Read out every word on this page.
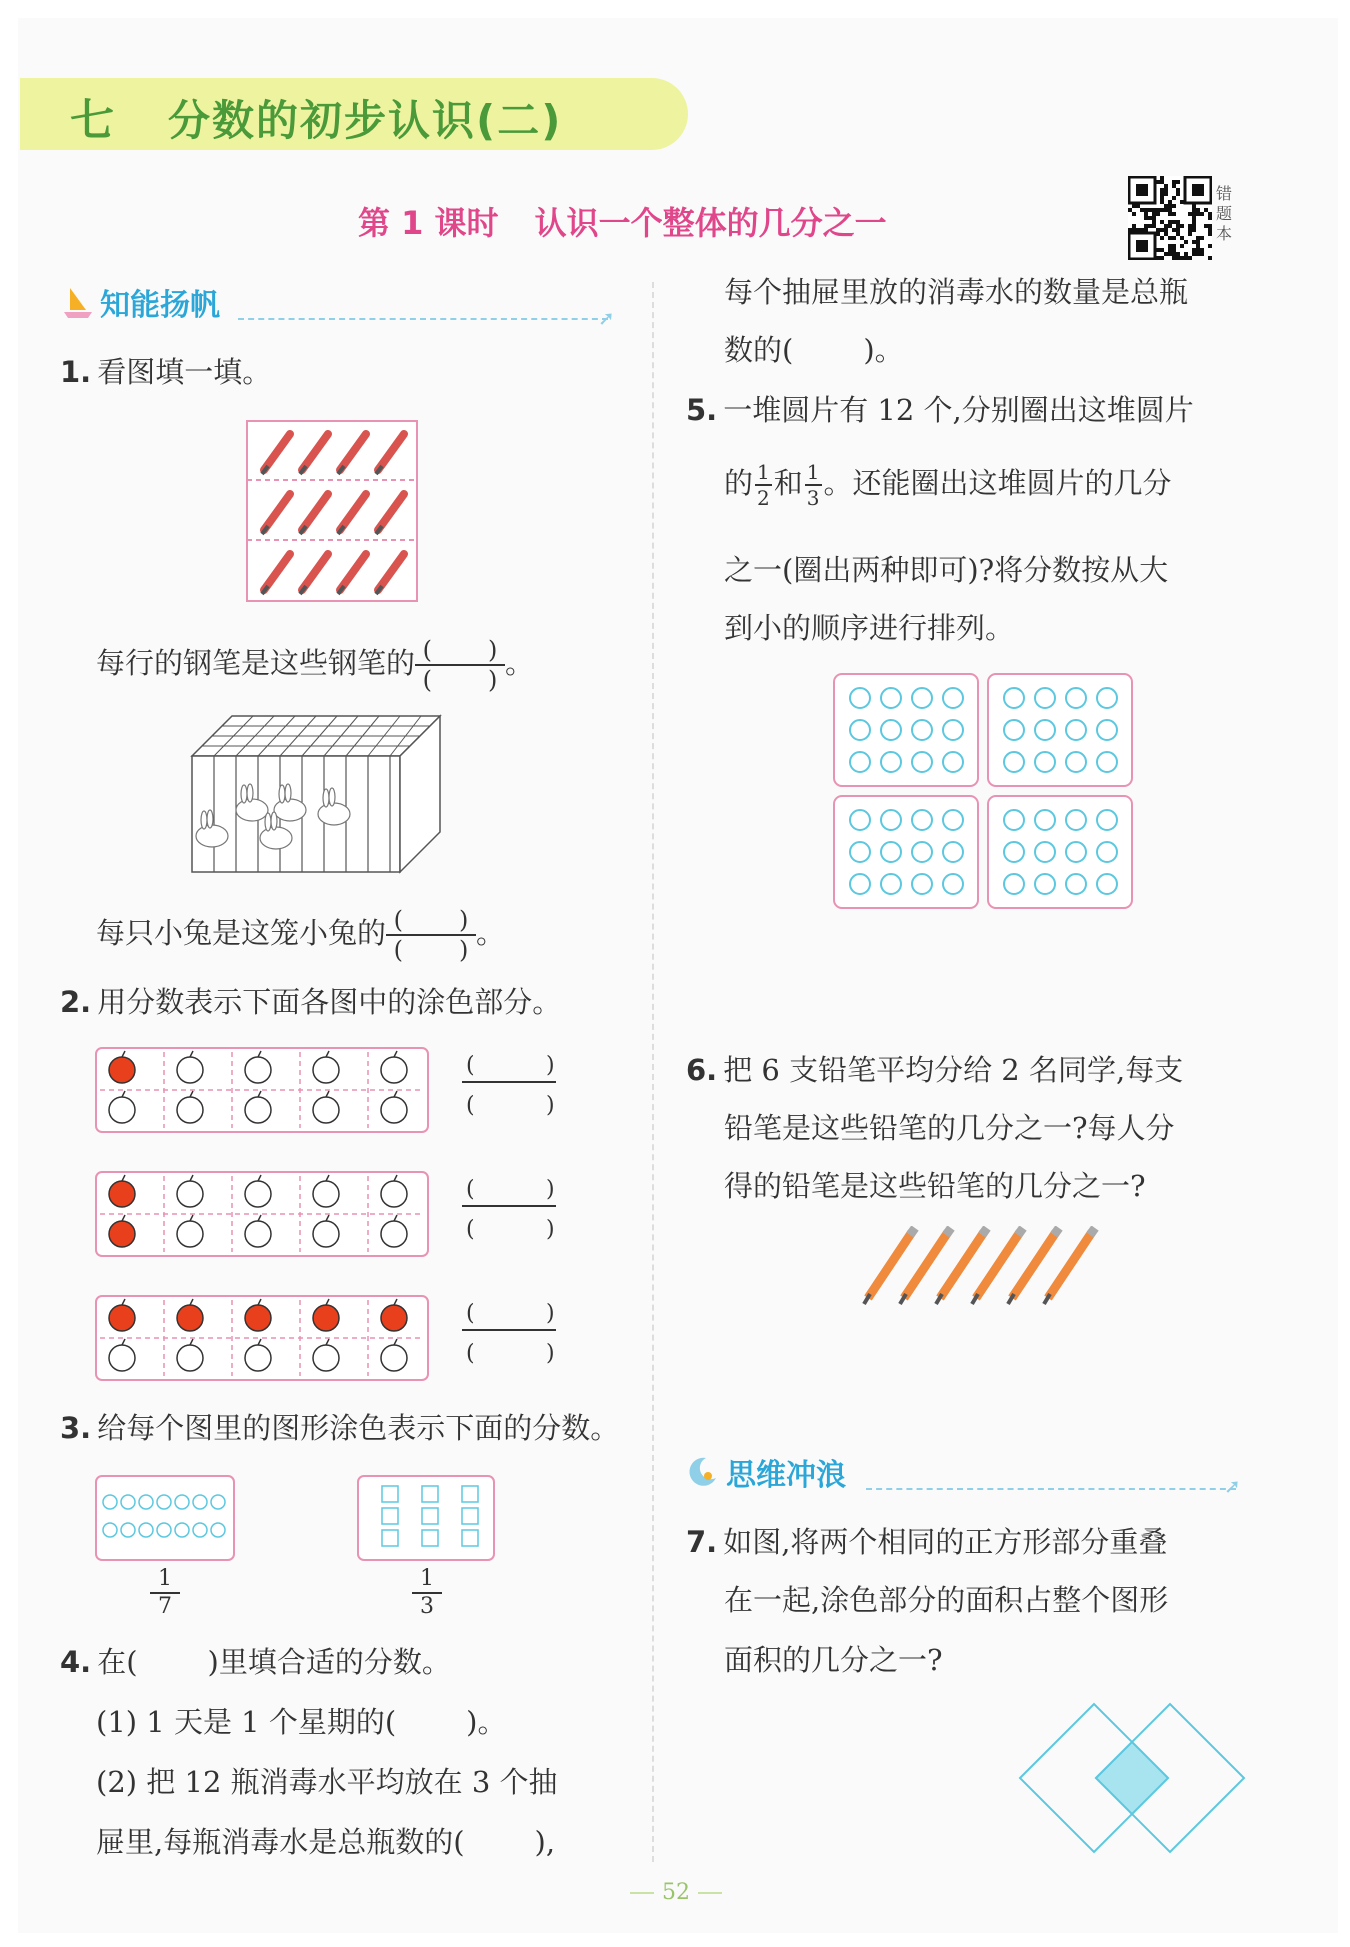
七 分数的初步认识(二)
第 1 课时 认识一个整体的几分之一
错题本
知能扬帆	➚
1. 看图填一填。
每行的钢笔是这些钢笔的 ( )
( ) 。
每只小兔是这笼小兔的 ( )
( ) 。
2. 用分数表示下面各图中的涂色部分。
(	)
(	)
(	)
(	)
(	)
(	)
3. 给每个图里的图形涂色表示下面的分数。
$\frac{1}{7}$	$\frac{1}{3}$
4. 在( )里填合适的分数。
(1) 1 天是 1 个星期的( )。
(2) 把 12 瓶消毒水平均放在 3 个抽
屉里,每瓶消毒水是总瓶数的( ),
每个抽屉里放的消毒水的数量是总瓶
数的( )。
5. 一堆圆片有 12 个,分别圈出这堆圆片
的 $\frac{1}{2}$ 和 $\frac{1}{3}$ 。还能圈出这堆圆片的几分
之一(圈出两种即可)?将分数按从大
到小的顺序进行排列。
6. 把 6 支铅笔平均分给 2 名同学,每支
铅笔是这些铅笔的几分之一?每人分
得的铅笔是这些铅笔的几分之一?
思维冲浪	➚
7. 如图,将两个相同的正方形部分重叠
在一起,涂色部分的面积占整个图形
面积的几分之一?
52
